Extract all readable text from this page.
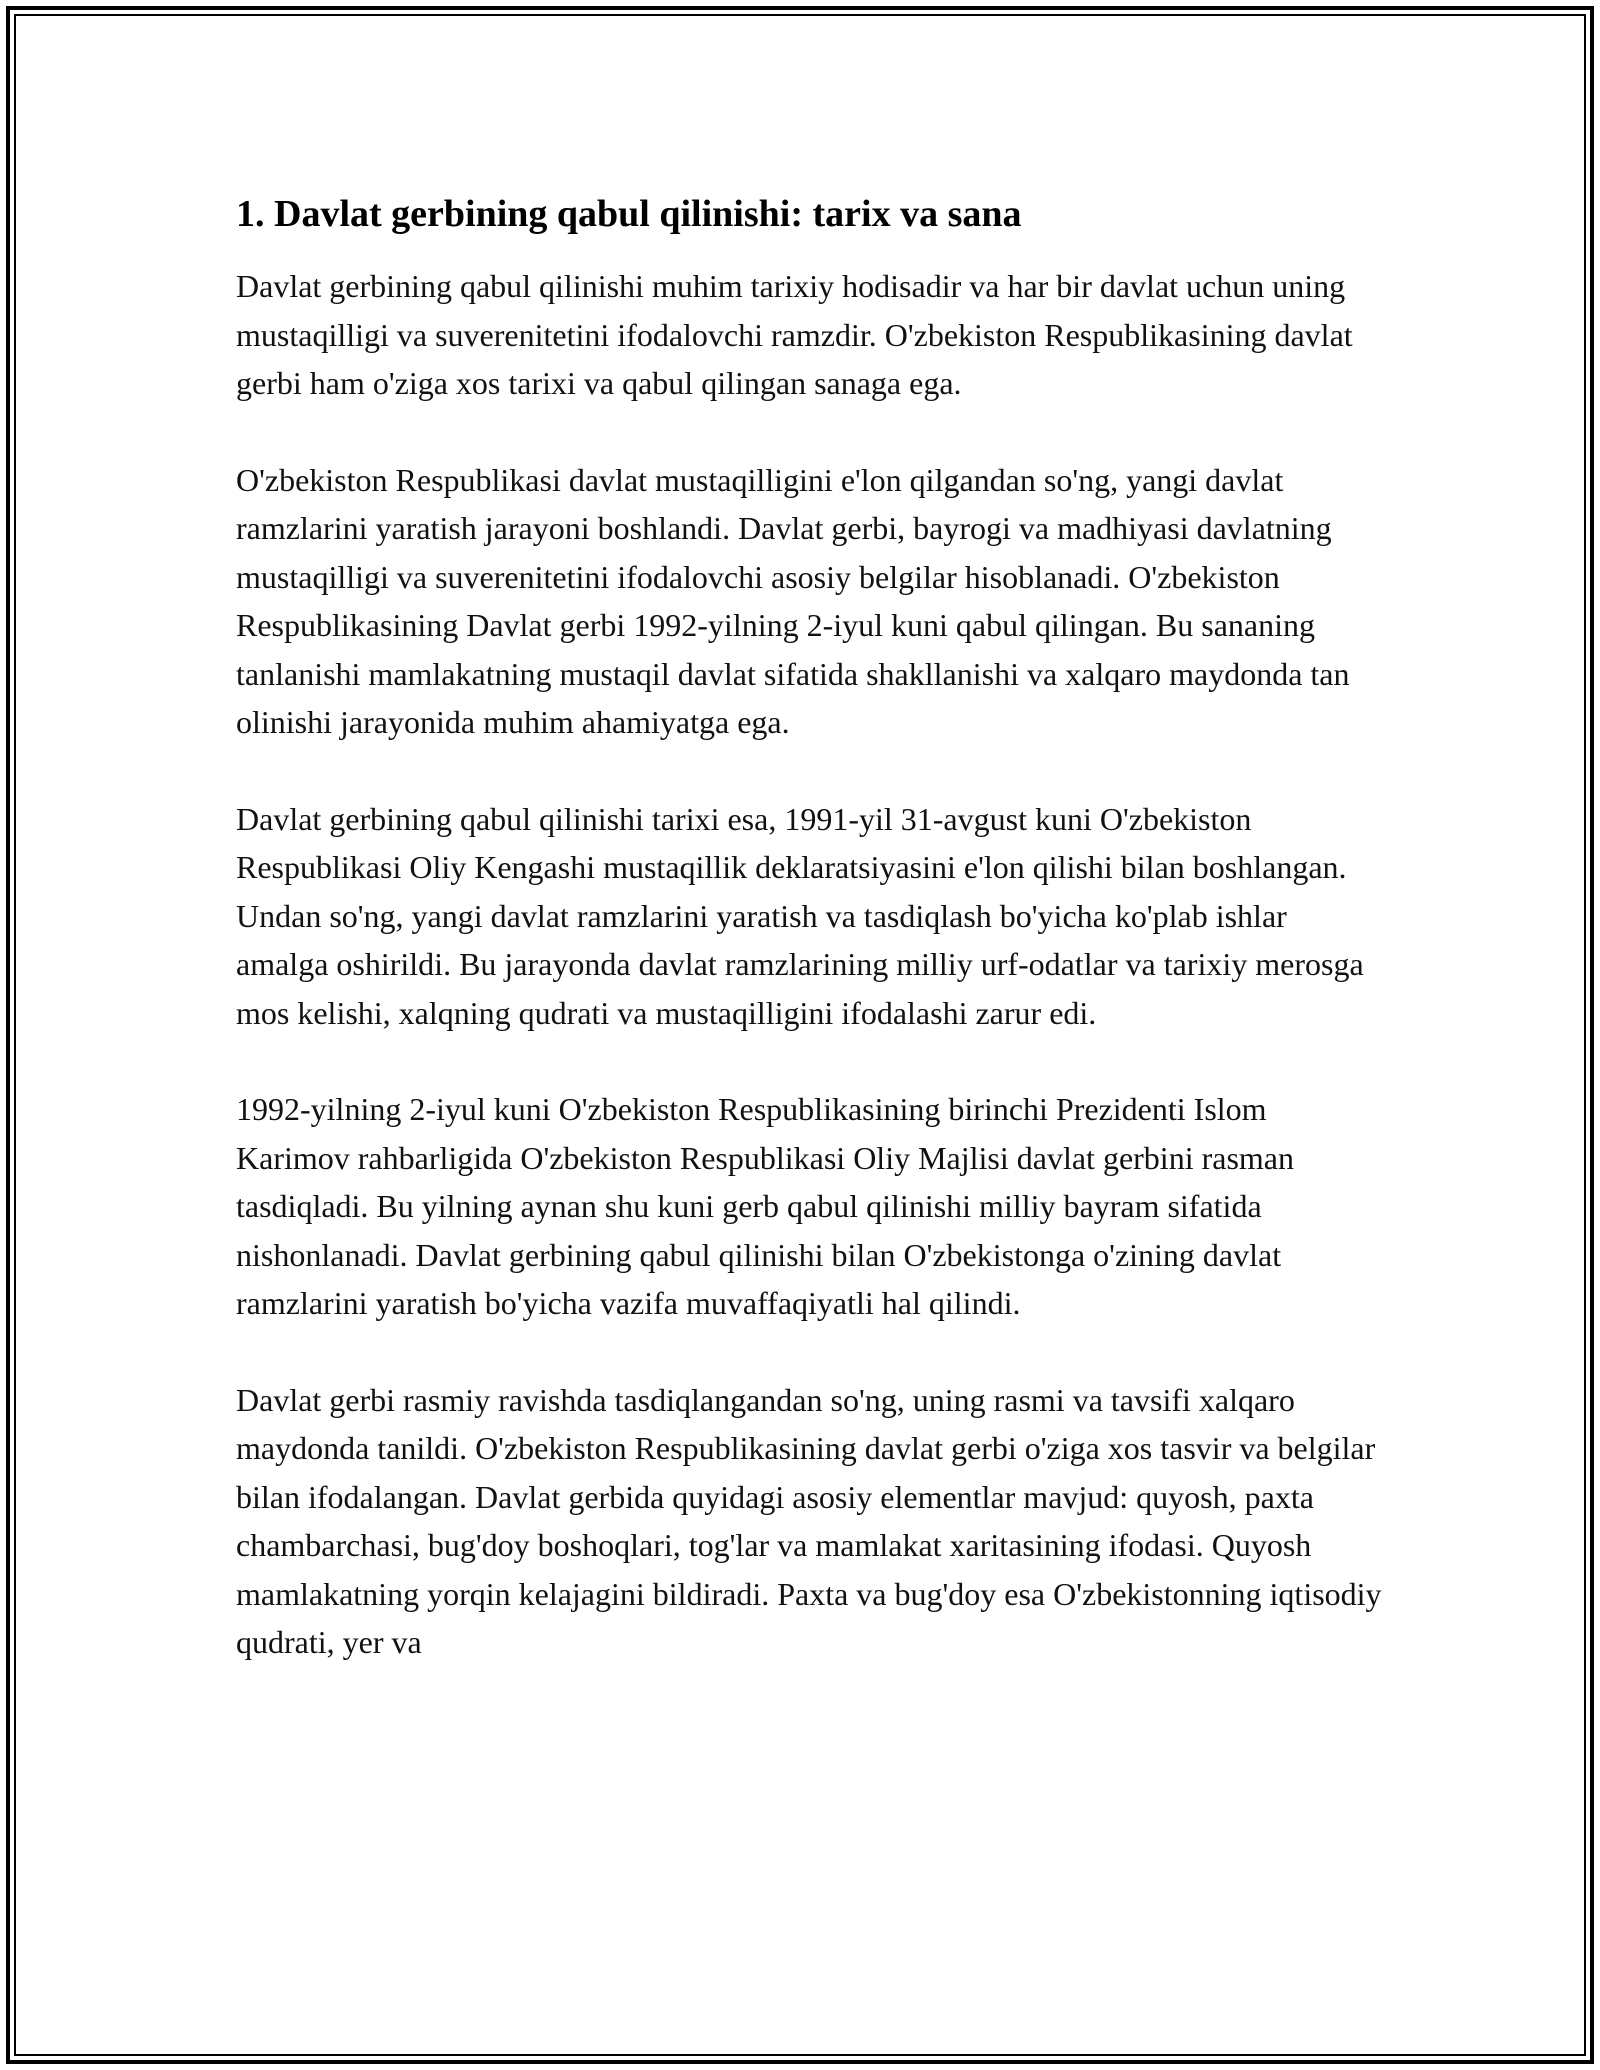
1. Davlat gerbining qabul qilinishi: tarix va sana

Davlat gerbining qabul qilinishi muhim tarixiy hodisadir va har bir davlat uchun uning mustaqilligi va suverenitetini ifodalovchi ramzdir. O'zbekiston Respublikasining davlat gerbi ham o'ziga xos tarixi va qabul qilingan sanaga ega.

O'zbekiston Respublikasi davlat mustaqilligini e'lon qilgandan so'ng, yangi davlat ramzlarini yaratish jarayoni boshlandi. Davlat gerbi, bayrogi va madhiyasi davlatning mustaqilligi va suverenitetini ifodalovchi asosiy belgilar hisoblanadi. O'zbekiston Respublikasining Davlat gerbi 1992-yilning 2-iyul kuni qabul qilingan. Bu sananing tanlanishi mamlakatning mustaqil davlat sifatida shakllanishi va xalqaro maydonda tan olinishi jarayonida muhim ahamiyatga ega.

Davlat gerbining qabul qilinishi tarixi esa, 1991-yil 31-avgust kuni O'zbekiston Respublikasi Oliy Kengashi mustaqillik deklaratsiyasini e'lon qilishi bilan boshlangan. Undan so'ng, yangi davlat ramzlarini yaratish va tasdiqlash bo'yicha ko'plab ishlar amalga oshirildi. Bu jarayonda davlat ramzlarining milliy urf-odatlar va tarixiy merosga mos kelishi, xalqning qudrati va mustaqilligini ifodalashi zarur edi.

1992-yilning 2-iyul kuni O'zbekiston Respublikasining birinchi Prezidenti Islom Karimov rahbarligida O'zbekiston Respublikasi Oliy Majlisi davlat gerbini rasman tasdiqladi. Bu yilning aynan shu kuni gerb qabul qilinishi milliy bayram sifatida nishonlanadi. Davlat gerbining qabul qilinishi bilan O'zbekistonga o'zining davlat ramzlarini yaratish bo'yicha vazifa muvaffaqiyatli hal qilindi.

Davlat gerbi rasmiy ravishda tasdiqlangandan so'ng, uning rasmi va tavsifi xalqaro maydonda tanildi. O'zbekiston Respublikasining davlat gerbi o'ziga xos tasvir va belgilar bilan ifodalangan. Davlat gerbida quyidagi asosiy elementlar mavjud: quyosh, paxta chambarchasi, bug'doy boshoqlari, tog'lar va mamlakat xaritasining ifodasi. Quyosh mamlakatning yorqin kelajagini bildiradi. Paxta va bug'doy esa O'zbekistonning iqtisodiy qudrati, yer va
